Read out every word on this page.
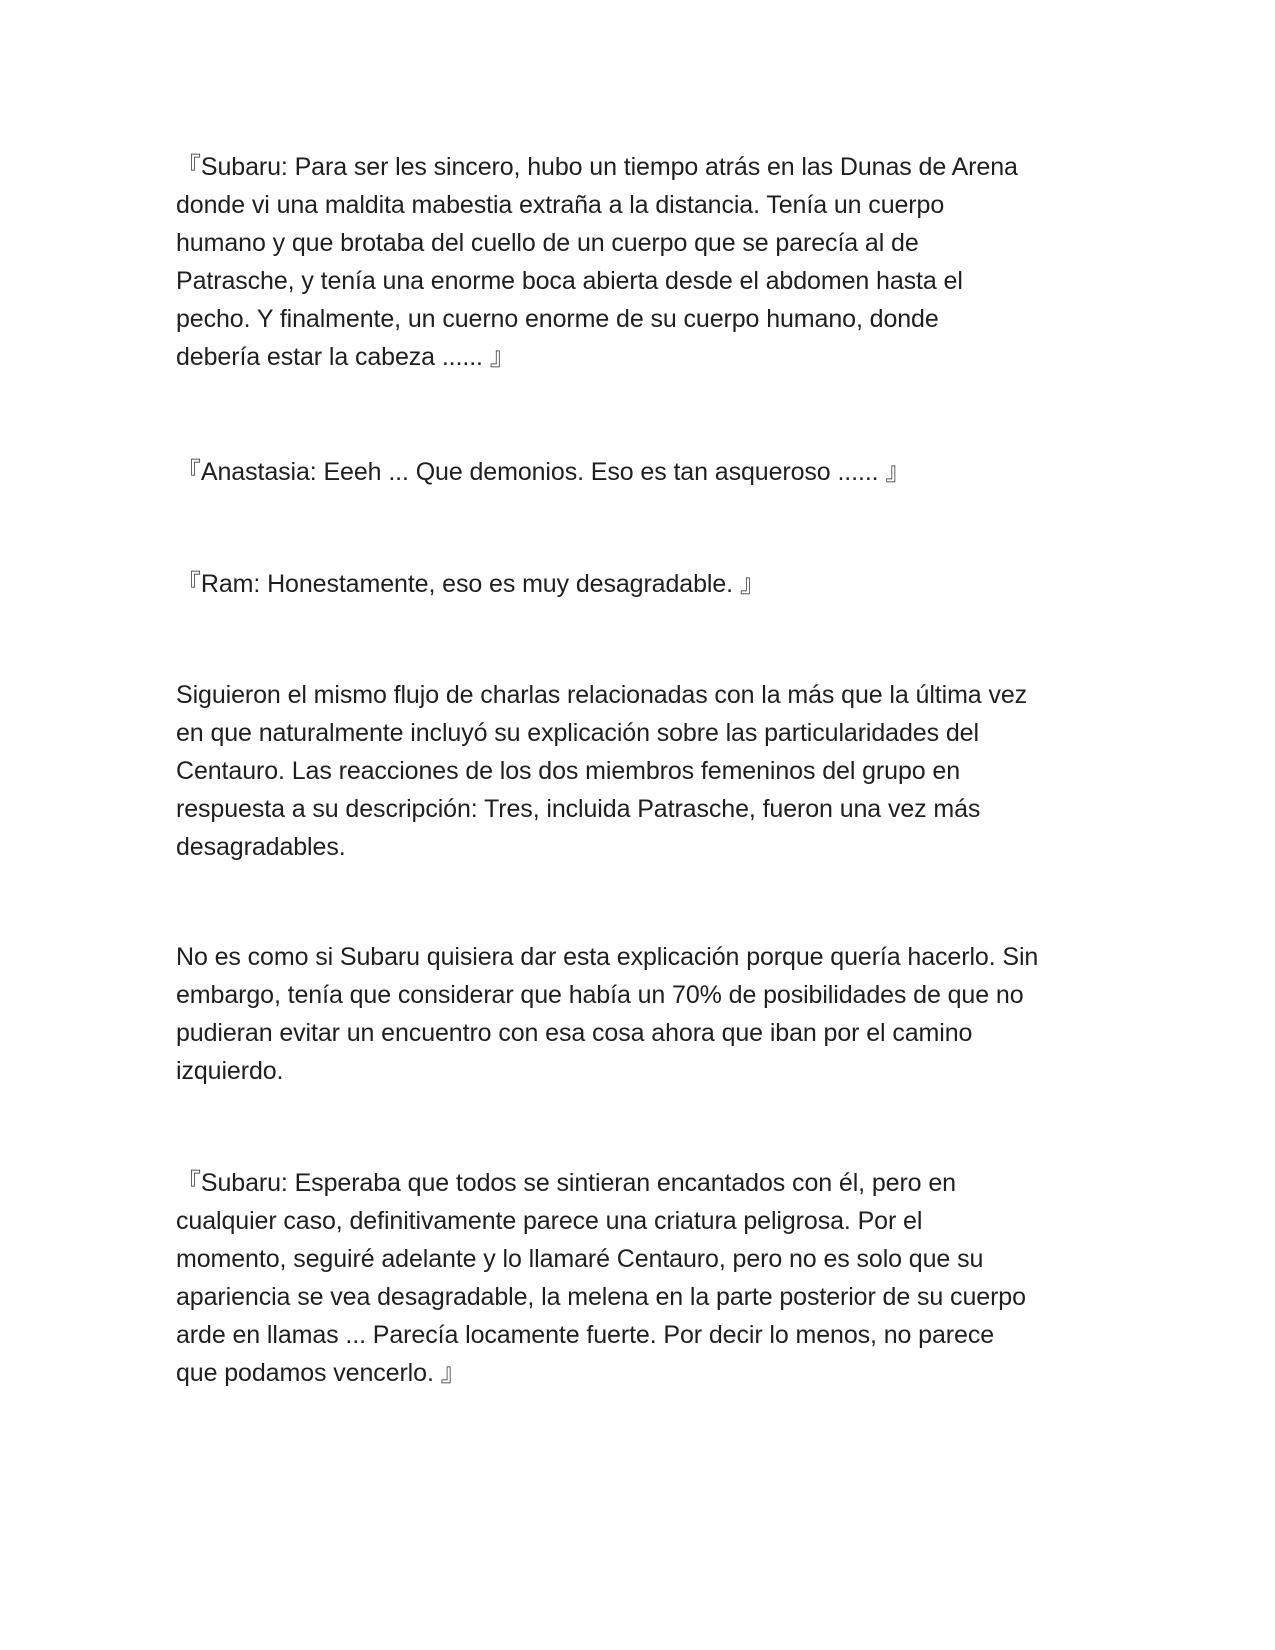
『Subaru: Para ser les sincero, hubo un tiempo atrás en las Dunas de Arena
donde vi una maldita mabestia extraña a la distancia. Tenía un cuerpo
humano y que brotaba del cuello de un cuerpo que se parecía al de
Patrasche, y tenía una enorme boca abierta desde el abdomen hasta el
pecho. Y finalmente, un cuerno enorme de su cuerpo humano, donde
debería estar la cabeza ...... 』

『Anastasia: Eeeh ... Que demonios. Eso es tan asqueroso ...... 』

『Ram: Honestamente, eso es muy desagradable. 』

Siguieron el mismo flujo de charlas relacionadas con la más que la última vez
en que naturalmente incluyó su explicación sobre las particularidades del
Centauro. Las reacciones de los dos miembros femeninos del grupo en
respuesta a su descripción: Tres, incluida Patrasche, fueron una vez más
desagradables.

No es como si Subaru quisiera dar esta explicación porque quería hacerlo. Sin
embargo, tenía que considerar que había un 70% de posibilidades de que no
pudieran evitar un encuentro con esa cosa ahora que iban por el camino
izquierdo.

『Subaru: Esperaba que todos se sintieran encantados con él, pero en
cualquier caso, definitivamente parece una criatura peligrosa. Por el
momento, seguiré adelante y lo llamaré Centauro, pero no es solo que su
apariencia se vea desagradable, la melena en la parte posterior de su cuerpo
arde en llamas ... Parecía locamente fuerte. Por decir lo menos, no parece
que podamos vencerlo. 』
